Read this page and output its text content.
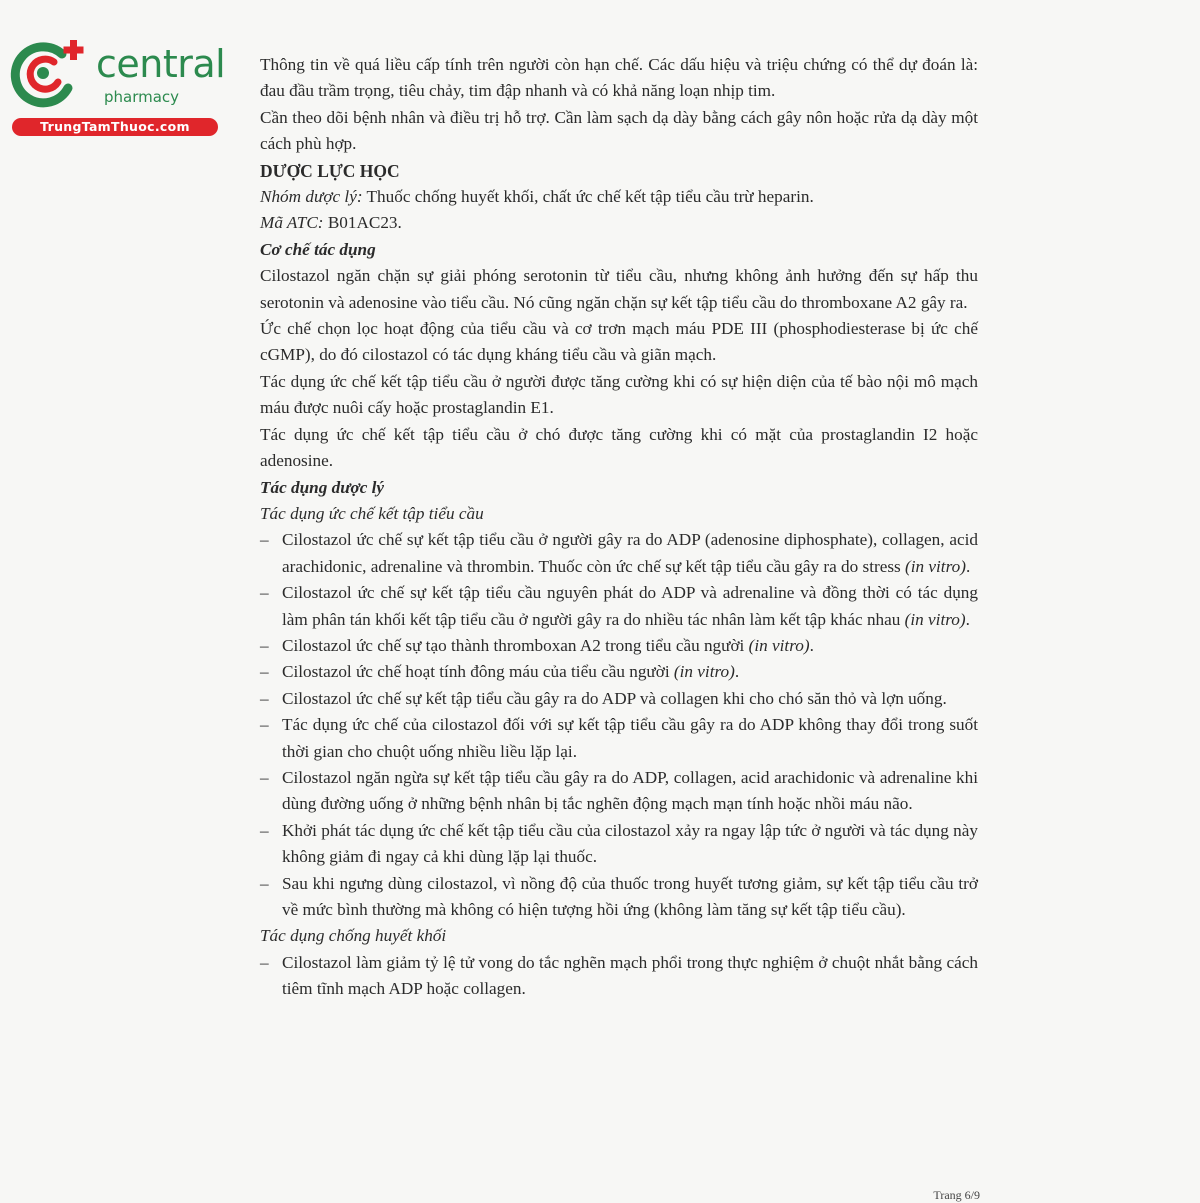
central
pharmacy
TrungTamThuoc.com

Thông tin về quá liều cấp tính trên người còn hạn chế. Các dấu hiệu và triệu chứng có thể dự đoán là: đau đầu trầm trọng, tiêu chảy, tim đập nhanh và có khả năng loạn nhịp tim.

Cần theo dõi bệnh nhân và điều trị hỗ trợ. Cần làm sạch dạ dày bằng cách gây nôn hoặc rửa dạ dày một cách phù hợp.

DƯỢC LỰC HỌC

Nhóm dược lý: Thuốc chống huyết khối, chất ức chế kết tập tiểu cầu trừ heparin.

Mã ATC: B01AC23.

Cơ chế tác dụng

Cilostazol ngăn chặn sự giải phóng serotonin từ tiểu cầu, nhưng không ảnh hưởng đến sự hấp thu serotonin và adenosine vào tiểu cầu. Nó cũng ngăn chặn sự kết tập tiểu cầu do thromboxane A2 gây ra.

Ức chế chọn lọc hoạt động của tiểu cầu và cơ trơn mạch máu PDE III (phosphodiesterase bị ức chế cGMP), do đó cilostazol có tác dụng kháng tiểu cầu và giãn mạch.

Tác dụng ức chế kết tập tiểu cầu ở người được tăng cường khi có sự hiện diện của tế bào nội mô mạch máu được nuôi cấy hoặc prostaglandin E1.

Tác dụng ức chế kết tập tiểu cầu ở chó được tăng cường khi có mặt của prostaglandin I2 hoặc adenosine.

Tác dụng dược lý

Tác dụng ức chế kết tập tiểu cầu

– Cilostazol ức chế sự kết tập tiểu cầu ở người gây ra do ADP (adenosine diphosphate), collagen, acid arachidonic, adrenaline và thrombin. Thuốc còn ức chế sự kết tập tiểu cầu gây ra do stress (in vitro).

– Cilostazol ức chế sự kết tập tiểu cầu nguyên phát do ADP và adrenaline và đồng thời có tác dụng làm phân tán khối kết tập tiểu cầu ở người gây ra do nhiều tác nhân làm kết tập khác nhau (in vitro).

– Cilostazol ức chế sự tạo thành thromboxan A2 trong tiểu cầu người (in vitro).

– Cilostazol ức chế hoạt tính đông máu của tiểu cầu người (in vitro).

– Cilostazol ức chế sự kết tập tiểu cầu gây ra do ADP và collagen khi cho chó săn thỏ và lợn uống.

– Tác dụng ức chế của cilostazol đối với sự kết tập tiểu cầu gây ra do ADP không thay đổi trong suốt thời gian cho chuột uống nhiều liều lặp lại.

– Cilostazol ngăn ngừa sự kết tập tiểu cầu gây ra do ADP, collagen, acid arachidonic và adrenaline khi dùng đường uống ở những bệnh nhân bị tắc nghẽn động mạch mạn tính hoặc nhồi máu não.

– Khởi phát tác dụng ức chế kết tập tiểu cầu của cilostazol xảy ra ngay lập tức ở người và tác dụng này không giảm đi ngay cả khi dùng lặp lại thuốc.

– Sau khi ngưng dùng cilostazol, vì nồng độ của thuốc trong huyết tương giảm, sự kết tập tiểu cầu trở về mức bình thường mà không có hiện tượng hồi ứng (không làm tăng sự kết tập tiểu cầu).

Tác dụng chống huyết khối

– Cilostazol làm giảm tỷ lệ tử vong do tắc nghẽn mạch phổi trong thực nghiệm ở chuột nhắt bằng cách tiêm tĩnh mạch ADP hoặc collagen.

Trang 6/9
